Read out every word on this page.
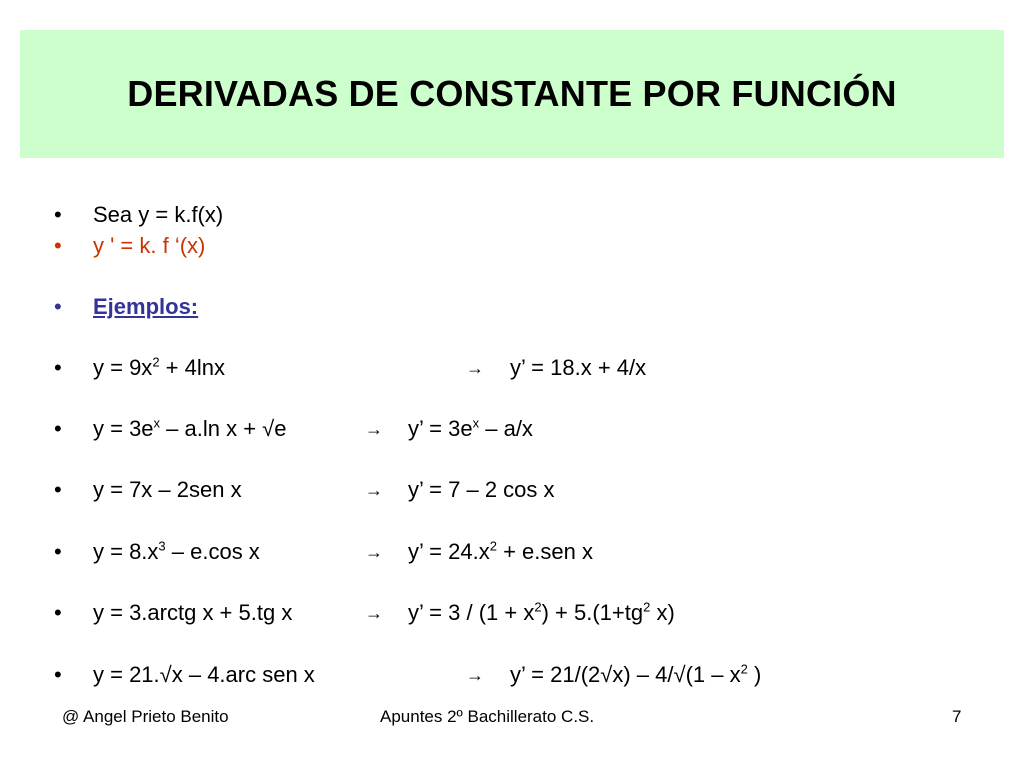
DERIVADAS DE CONSTANTE POR FUNCIÓN
• Sea y = k.f(x)
• y ' = k. f ‘(x)
• Ejemplos:
• $y = 9x^2 + 4\ln x$	→ y’ = 18.x + 4/x
• $y = 3e^x - a.\ln$ x + √e	→ y’ = $3e^x - a/x$
• y = 7x – 2sen x	→ y’ = 7 – 2 cos x
• $y = 8.x^3 - e.\cos$ x	→ y’ = $24.x^2 + e.sen$ x
• y = 3.arctg x + 5.tg x	→ y’ = $3 / (1 + x^2) + 5.(1+tg^2$ x)
• y = 21.√x – 4.arc sen x	→ y’ = $21/(2√x) - 4/√(1 - x^2$ )
@ Angel Prieto Benito	Apuntes 2º Bachillerato C.S.	7
